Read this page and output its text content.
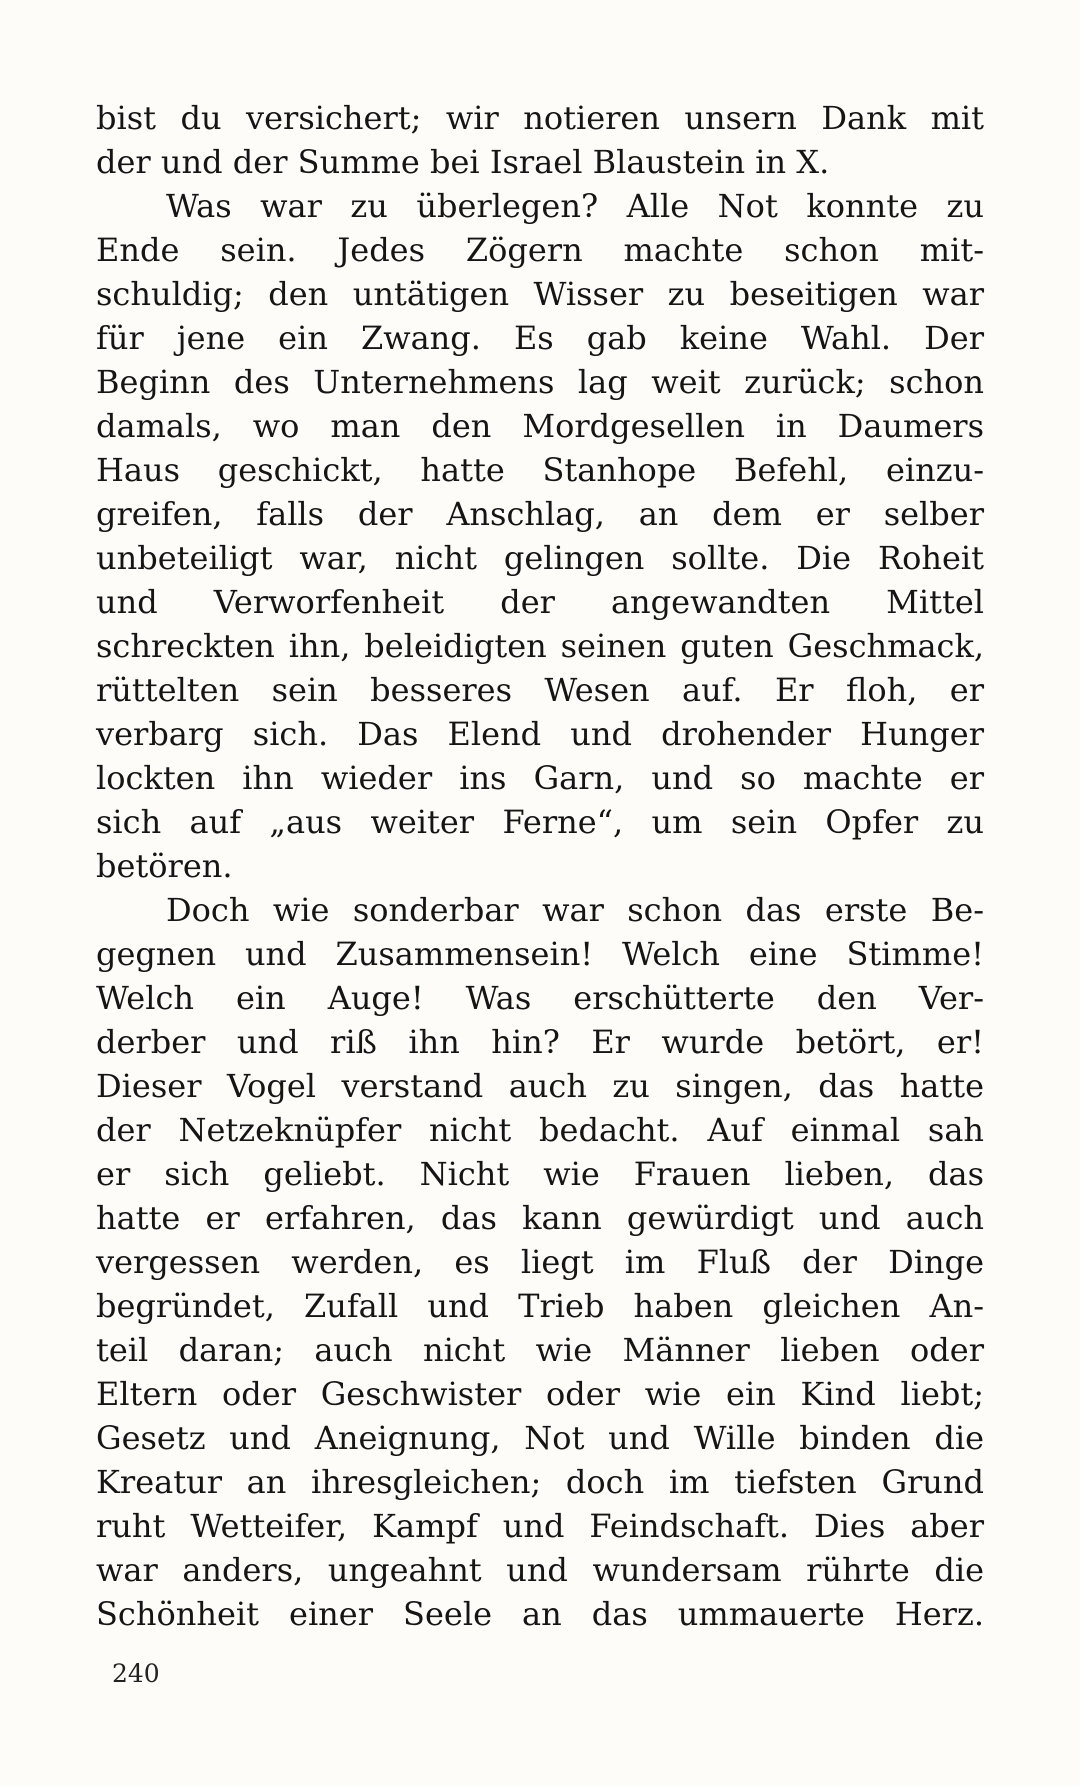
bist du versichert; wir notieren unsern Dank mit
der und der Summe bei Israel Blaustein in X.
Was war zu überlegen? Alle Not konnte zu
Ende sein. Jedes Zögern machte schon mit-
schuldig; den untätigen Wisser zu beseitigen war
für jene ein Zwang. Es gab keine Wahl. Der
Beginn des Unternehmens lag weit zurück; schon
damals, wo man den Mordgesellen in Daumers
Haus geschickt, hatte Stanhope Befehl, einzu-
greifen, falls der Anschlag, an dem er selber
unbeteiligt war, nicht gelingen sollte. Die Roheit
und Verworfenheit der angewandten Mittel
schreckten ihn, beleidigten seinen guten Geschmack,
rüttelten sein besseres Wesen auf. Er floh, er
verbarg sich. Das Elend und drohender Hunger
lockten ihn wieder ins Garn, und so machte er
sich auf „aus weiter Ferne“, um sein Opfer zu
betören.
Doch wie sonderbar war schon das erste Be-
gegnen und Zusammensein! Welch eine Stimme!
Welch ein Auge! Was erschütterte den Ver-
derber und riß ihn hin? Er wurde betört, er!
Dieser Vogel verstand auch zu singen, das hatte
der Netzeknüpfer nicht bedacht. Auf einmal sah
er sich geliebt. Nicht wie Frauen lieben, das
hatte er erfahren, das kann gewürdigt und auch
vergessen werden, es liegt im Fluß der Dinge
begründet, Zufall und Trieb haben gleichen An-
teil daran; auch nicht wie Männer lieben oder
Eltern oder Geschwister oder wie ein Kind liebt;
Gesetz und Aneignung, Not und Wille binden die
Kreatur an ihresgleichen; doch im tiefsten Grund
ruht Wetteifer, Kampf und Feindschaft. Dies aber
war anders, ungeahnt und wundersam rührte die
Schönheit einer Seele an das ummauerte Herz.
240
